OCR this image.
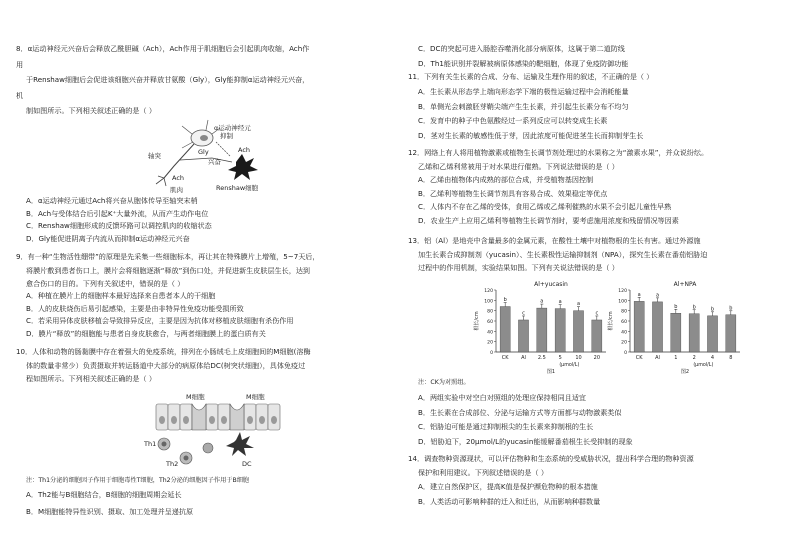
8．α运动神经元兴奋后会释放乙酰胆碱（Ach），Ach作用于肌细胞后会引起肌肉收缩，Ach作
用
于Renshaw细胞后会促进该细胞兴奋并释放甘氨酸（Gly），Gly能抑制α运动神经元兴奋，
机
制如图所示。下列相关叙述正确的是（ ）
α运动神经元
抑制
Gly
兴奋
轴突
Ach
Ach
肌肉	Renshaw细胞
A．α运动神经元通过Ach将兴奋从胞体传导至轴突末梢
B．Ach与受体结合后引起K⁺大量外流，从而产生动作电位
C．Renshaw细胞形成的反馈环路可以调控肌肉的收缩状态
D．Gly能促进阴离子内流从而抑制α运动神经元兴奋
9．有一种“生物活性绷带”的原理是先采集一些细胞标本，再让其在特殊膜片上增殖，5~7天后，
将膜片敷到患者伤口上，膜片会将细胞逐渐“释放”到伤口处，并促进新生皮肤层生长，达到
愈合伤口的目的。下列有关叙述中，错误的是（ ）
A．种植在膜片上的细胞样本最好选择来自患者本人的干细胞
B．人的皮肤烧伤后易引起感染，主要是由非特异性免疫功能受损所致
C．若采用异体皮肤移植会导致排异反应，主要是因为抗体对移植皮肤细胞有杀伤作用
D．膜片“释放”的细胞能与患者自身皮肤愈合，与两者细胞膜上的蛋白质有关
10．人体和动物的肠黏膜中存在着强大的免疫系统，排列在小肠绒毛上皮细胞间的M细胞(溶酶
体的数量非常少）负责摄取并转运肠道中大部分的病原体给DC(树突状细胞），具体免疫过
程如图所示。下列相关叙述正确的是（ ）
M细胞	M细胞
Th1
Th2	DC
注：Th1分泌的细胞因子作用于细胞毒性T细胞，Th2分泌的细胞因子作用于B细胞
A．Th2能与B细胞结合，B细胞的细胞周期会延长
B．M细胞能特异性识别、摄取、加工处理并呈递抗原
C．DC的突起可进入肠腔吞噬消化部分病原体，这属于第二道防线
D．Th1能识别并裂解被病原体感染的靶细胞，体现了免疫防御功能
11．下列有关生长素的合成、分布、运输及生理作用的叙述，不正确的是（ ）
A．生长素从形态学上端向形态学下端的极性运输过程中会消耗能量
B．单侧光会刺激胚芽鞘尖端产生生长素，并引起生长素分布不均匀
C．发育中的种子中色氨酸经过一系列反应可以转变成生长素
D．茎对生长素的敏感性低于芽，因此浓度可能促进茎生长而抑制芽生长
12．网络上有人将用植物激素或植物生长调节剂处理过的水果称之为“激素水果”，并众说纷纭。
乙烯和乙烯利常被用于对水果进行催熟。下列说法错误的是（ ）
A．乙烯由植物体内成熟的部位合成，并受植物基因控制
B．乙烯利等植物生长调节剂具有容易合成、效果稳定等优点
C．人体内不存在乙烯的受体，食用乙烯或乙烯利催熟的水果不会引起儿童性早熟
D．农业生产上应用乙烯利等植物生长调节剂时，要考虑施用浓度和残留情况等因素
13．铝（Al）是地壳中含量最多的金属元素，在酸性土壤中对植物根的生长有害。通过外源施
加生长素合成抑制剂（yucasin）、生长素极性运输抑制剂（NPA），探究生长素在番茄铝胁迫
过程中的作用机制，实验结果如图。下列有关说法错误的是（ ）
Al+yucasin
0
20
40
60
80
100
120
根长/cm
b
CK
c
Al
a
2.5
a
5
a
10
c
20
(μmol/L)
图1
Al+NPA
0
20
40
60
80
100
120
根长/cm
a
CK
a
Al
b
1
b
2
b
4
b
8
(μmol/L)
图2
注：CK为对照组。
A．两组实验中对空白对照组的处理应保持相同且适宜
B．生长素在合成部位、分泌与运输方式等方面都与动物激素类似
C．铝胁迫可能是通过抑制根尖的生长素来抑制根的生长
D．铝胁迫下，20μmol/L的yucasin能缓解番茄根生长受抑制的现象
14．调查物种资源现状，可以评估物种和生态系统的受威胁状况，提出科学合理的物种资源
保护和利用建议。下列叙述错误的是（ ）
A．建立自然保护区，提高K值是保护濒危物种的根本措施
B．人类活动可影响种群的迁入和迁出，从而影响种群数量
